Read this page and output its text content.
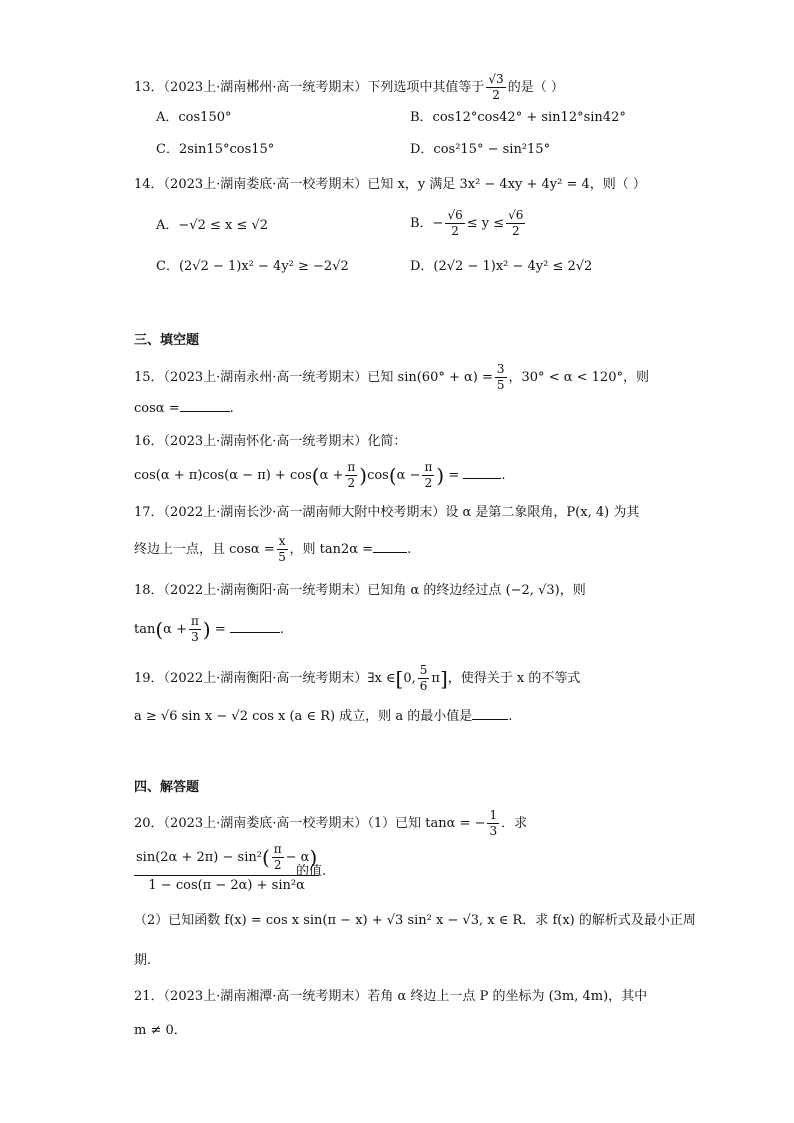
13．（2023上·湖南郴州·高一统考期末）下列选项中其值等于 $\frac{√3}{2}$ 的是（ ）
A．cos150°	B．cos12°cos42° + sin12°sin42°
C．2sin15°cos15°	D．cos²15° − sin²15°
14．（2023上·湖南娄底·高一校考期末）已知 x，y 满足 3x² − 4xy + 4y² = 4，则（ ）
A．−√2 ≤ x ≤ √2	B．− $\frac{√6}{2} \le y \le \frac{√6}{2}$
C．(2√2 − 1)x² − 4y² ≥ −2√2	D．(2√2 − 1)x² − 4y² ≤ 2√2
三、填空题
15．（2023上·湖南永州·高一统考期末）已知 $\sin(60^\circ + \alpha) = \frac{3}{5}$ ，30° < α < 120°，则
cosα =	.
16．（2023上·湖南怀化·高一统考期末）化简：
$\cos(\alpha + \pi)\cos(\alpha - \pi) + \cos(\alpha + \frac{\pi}{2} )\cos(\alpha - \frac{\pi}{2}$ ) =	.
17．（2022上·湖南长沙·高一湖南师大附中校考期末）设 α 是第二象限角，P(x, 4) 为其
终边上一点，且 $\cos\alpha = \frac{x}{5}$ ，则 tan2α =	.
18．（2022上·湖南衡阳·高一统考期末）已知角 α 的终边经过点 (−2, √3)，则
$\tan(\alpha + \frac{\pi}{3}$ ) =	.
19．（2022上·湖南衡阳·高一统考期末）∃x ∈[0, $\frac{5}{6} \pi$]，使得关于 x 的不等式
a ≥ √6 sin x − √2 cos x (a ∈ R) 成立，则 a 的最小值是	.
四、解答题
20．（2023上·湖南娄底·高一校考期末）（1）已知 tanα = − $\frac{1}{3}$ ．求
$\frac{\sin(2\alpha + 2\pi) - \sin^2( \frac{\pi}{2} - \alpha)}{\text{1 − cos(π − 2α) + sin²α}}$
的值.
（2）已知函数 f(x) = cos x sin(π − x) + √3 sin² x − √3, x ∈ R．求 f(x) 的解析式及最小正周
期.
21．（2023上·湖南湘潭·高一统考期末）若角 α 终边上一点 P 的坐标为 (3m, 4m)，其中
m ≠ 0．
